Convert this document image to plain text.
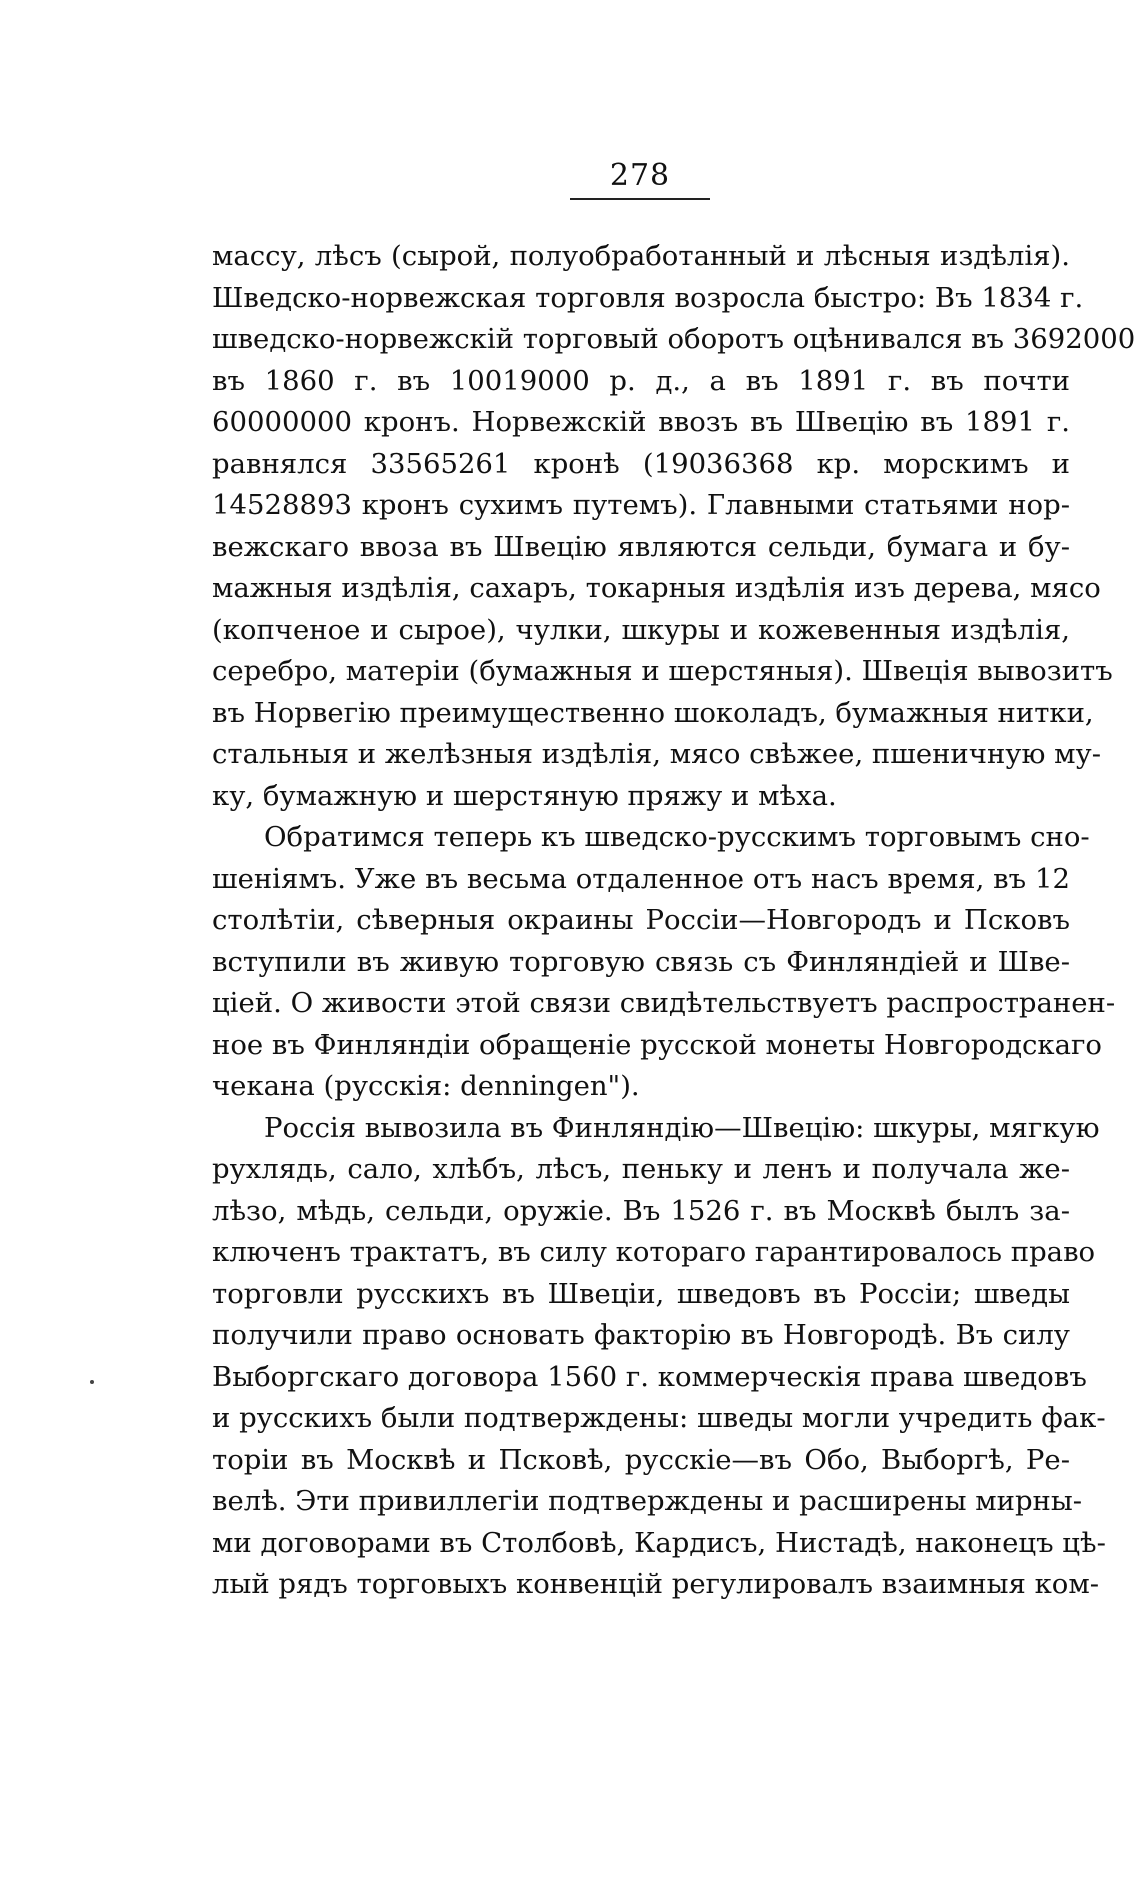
278
массу, лѣсъ (сырой, полуобработанный и лѣсныя издѣлія).
Шведско-норвежская торговля возросла быстро: Въ 1834 г.
шведско-норвежскій торговый оборотъ оцѣнивался въ 3692000
въ 1860 г. въ 10019000 р. д., а въ 1891 г. въ почти
60000000 кронъ. Норвежскій ввозъ въ Швецію въ 1891 г.
равнялся 33565261 кронѣ (19036368 кр. морскимъ и
14528893 кронъ сухимъ путемъ). Главными статьями нор-
вежскаго ввоза въ Швецію являются сельди, бумага и бу-
мажныя издѣлія, сахаръ, токарныя издѣлія изъ дерева, мясо
(копченое и сырое), чулки, шкуры и кожевенныя издѣлія,
серебро, матеріи (бумажныя и шерстяныя). Швеція вывозитъ
въ Норвегію преимущественно шоколадъ, бумажныя нитки,
стальныя и желѣзныя издѣлія, мясо свѣжее, пшеничную му-
ку, бумажную и шерстяную пряжу и мѣха.
Обратимся теперь къ шведско-русскимъ торговымъ сно-
шеніямъ. Уже въ весьма отдаленное отъ насъ время, въ 12
столѣтіи, сѣверныя окраины Россіи—Новгородъ и Псковъ
вступили въ живую торговую связь съ Финляндіей и Шве-
ціей. О живости этой связи свидѣтельствуетъ распространен-
ное въ Финляндіи обращеніе русской монеты Новгородскаго
чекана (русскія: denningen").
Россія вывозила въ Финляндію—Швецію: шкуры, мягкую
рухлядь, сало, хлѣбъ, лѣсъ, пеньку и ленъ и получала же-
лѣзо, мѣдь, сельди, оружіе. Въ 1526 г. въ Москвѣ былъ за-
ключенъ трактатъ, въ силу котораго гарантировалось право
торговли русскихъ въ Швеціи, шведовъ въ Россіи; шведы
получили право основать факторію въ Новгородѣ. Въ силу
Выборгскаго договора 1560 г. коммерческія права шведовъ
и русскихъ были подтверждены: шведы могли учредить фак-
торіи въ Москвѣ и Псковѣ, русскіе—въ Обо, Выборгѣ, Ре-
велѣ. Эти привиллегіи подтверждены и расширены мирны-
ми договорами въ Столбовѣ, Кардисъ, Нистадѣ, наконецъ цѣ-
лый рядъ торговыхъ конвенцій регулировалъ взаимныя ком-
